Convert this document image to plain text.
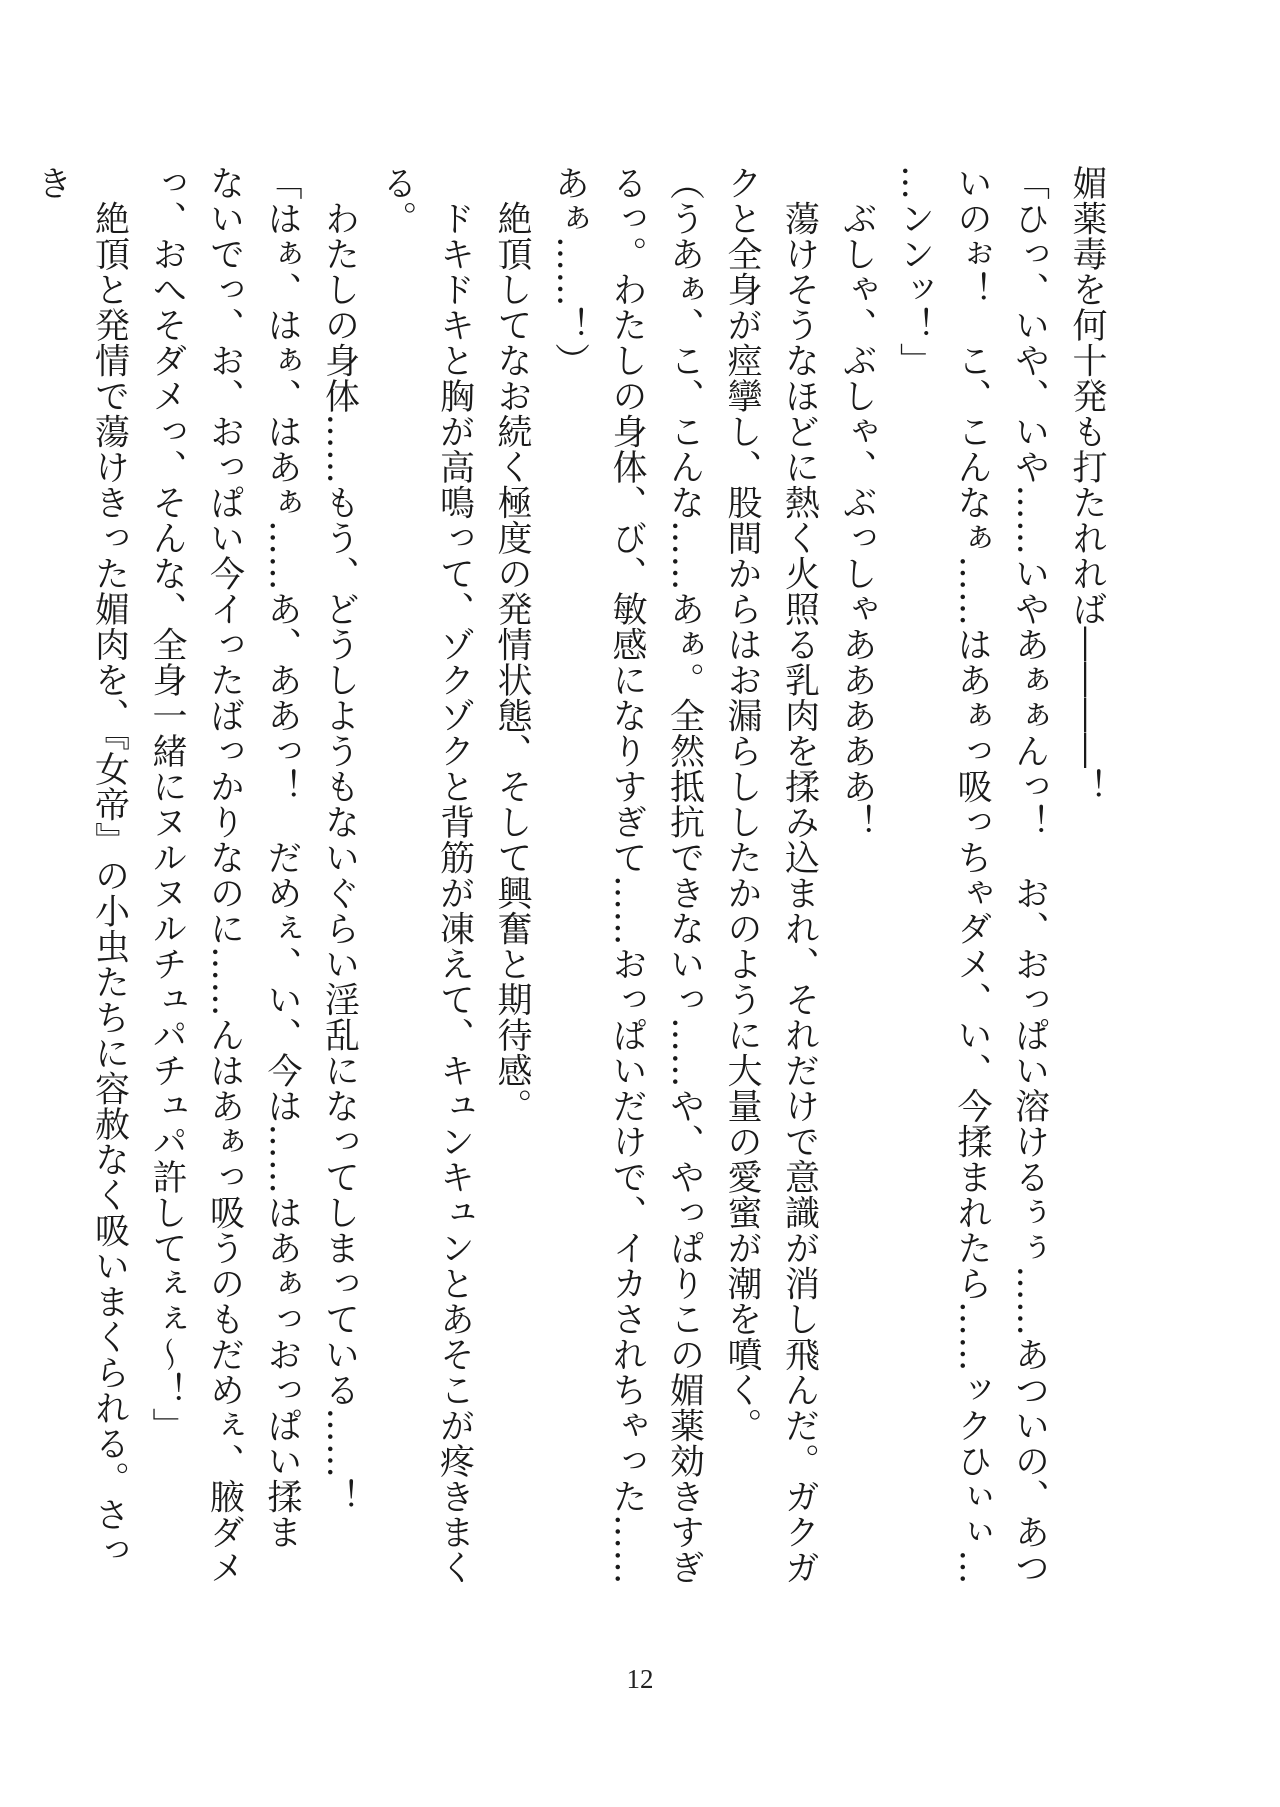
媚薬毒を何十発も打たれれば――――！
「ひっ、いや、いや……いやあぁぁんっ！　お、おっぱい溶けるぅぅ……あついの、あつ
いのぉ！　こ、こんなぁ……はあぁっ吸っちゃダメ、い、今揉まれたら……ックひぃぃ…
…ンンッ！」
　ぶしゃ、ぶしゃ、ぶっしゃあああああ！
　蕩けそうなほどに熱く火照る乳肉を揉み込まれ、それだけで意識が消し飛んだ。ガクガ
クと全身が痙攣し、股間からはお漏らししたかのように大量の愛蜜が潮を噴く。
（うあぁ、こ、こんな……あぁ。全然抵抗できないっ……や、やっぱりこの媚薬効きすぎ
るっ。わたしの身体、び、敏感になりすぎて……おっぱいだけで、イカされちゃった……
あぁ……！）
　絶頂してなお続く極度の発情状態、そして興奮と期待感。
　ドキドキと胸が高鳴って、ゾクゾクと背筋が凍えて、キュンキュンとあそこが疼きまく
る。
　わたしの身体……もう、どうしようもないぐらい淫乱になってしまっている……！
「はぁ、はぁ、はあぁ……あ、ああっ！　だめぇ、い、今は……はあぁっおっぱい揉ま
ないでっ、お、おっぱい今イったばっかりなのに……んはあぁっ吸うのもだめぇ、腋ダメ
っ、おへそダメっ、そんな、全身一緒にヌルヌルチュパチュパ許してぇぇ～！」
　絶頂と発情で蕩けきった媚肉を、『女帝』の小虫たちに容赦なく吸いまくられる。さっき
12
